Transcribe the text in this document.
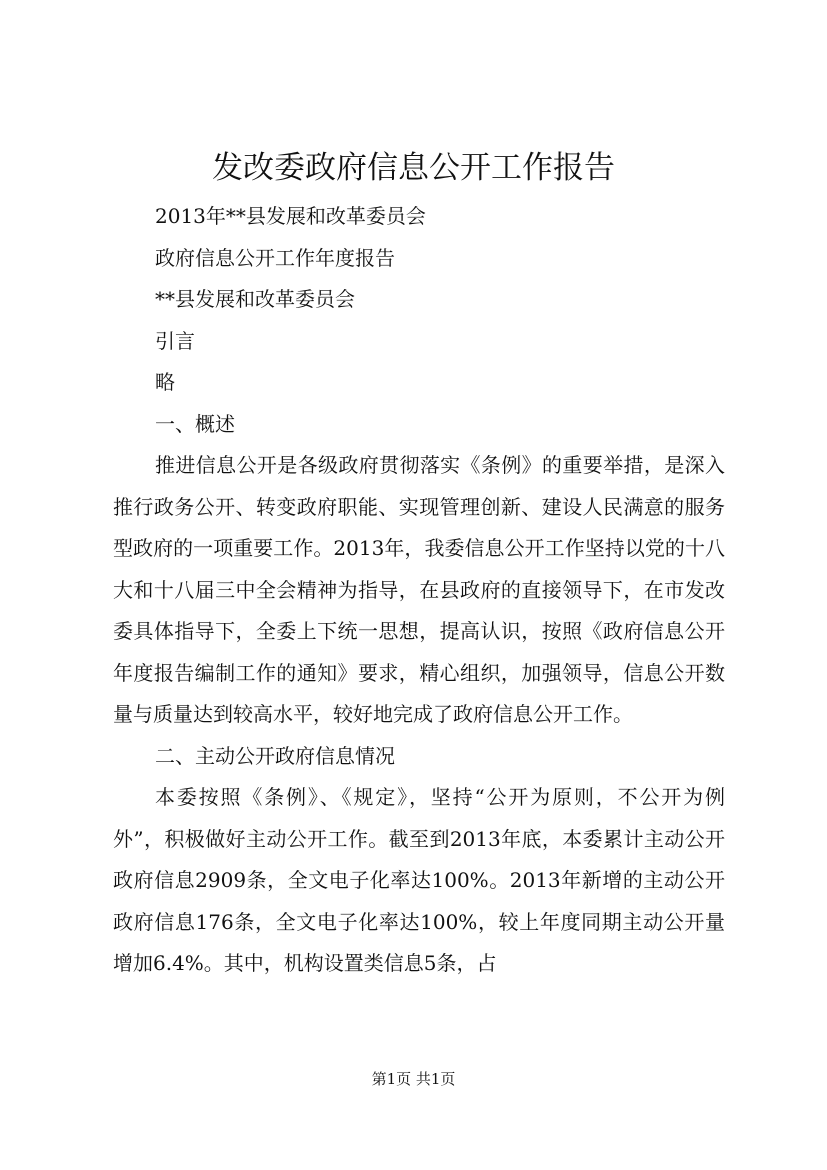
发改委政府信息公开工作报告

2013年**县发展和改革委员会

政府信息公开工作年度报告

**县发展和改革委员会

引言

略

一、概述

推进信息公开是各级政府贯彻落实《条例》的重要举措，是深入推行政务公开、转变政府职能、实现管理创新、建设人民满意的服务型政府的一项重要工作。2013年，我委信息公开工作坚持以党的十八大和十八届三中全会精神为指导，在县政府的直接领导下，在市发改委具体指导下，全委上下统一思想，提高认识，按照《政府信息公开年度报告编制工作的通知》要求，精心组织，加强领导，信息公开数量与质量达到较高水平，较好地完成了政府信息公开工作。

二、主动公开政府信息情况

本委按照《条例》、《规定》，坚持“公开为原则，不公开为例外”，积极做好主动公开工作。截至到2013年底，本委累计主动公开政府信息2909条，全文电子化率达100%。2013年新增的主动公开政府信息176条，全文电子化率达100%，较上年度同期主动公开量增加6.4%。其中，机构设置类信息5条，占

第1页 共1页
